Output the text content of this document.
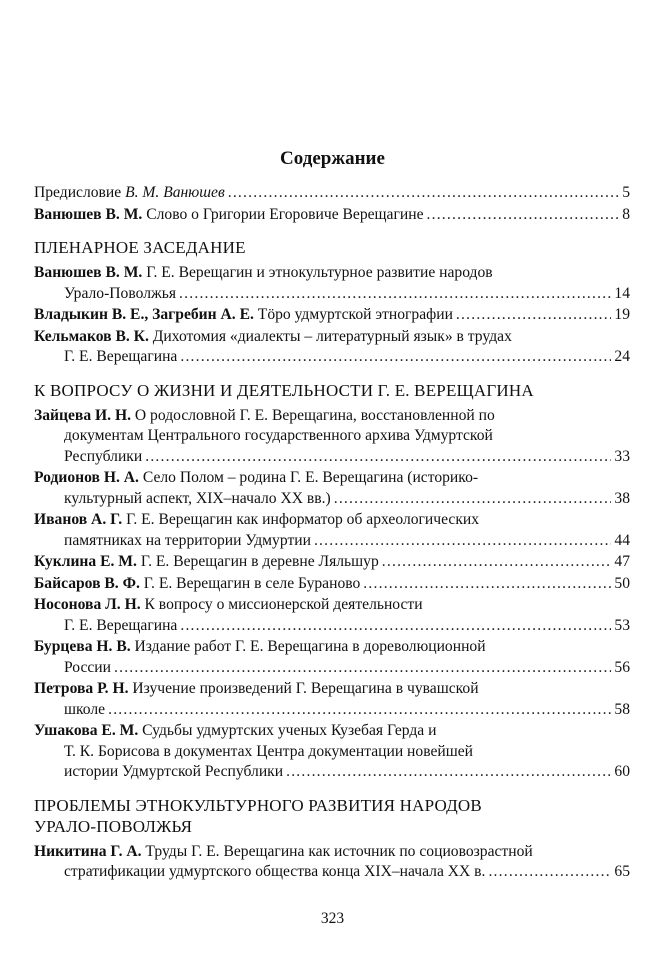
Содержание
Предисловие В. М. Ванюшев .....	5
Ванюшев В. М. Слово о Григории Егоровиче Верещагине .....	8
ПЛЕНАРНОЕ ЗАСЕДАНИЕ
Ванюшев В. М. Г. Е. Верещагин и этнокультурное развитие народов
Урало-Поволжья .....	14
Владыкин В. Е., Загребин А. Е. Тӧро удмуртской этнографии .....	19
Кельмаков В. К. Дихотомия «диалекты – литературный язык» в трудах
Г. Е. Верещагина .....	24
К ВОПРОСУ О ЖИЗНИ И ДЕЯТЕЛЬНОСТИ Г. Е. ВЕРЕЩАГИНА
Зайцева И. Н. О родословной Г. Е. Верещагина, восстановленной по
документам Центрального государственного архива Удмуртской
Республики .....	33
Родионов Н. А. Село Полом – родина Г. Е. Верещагина (историко-
культурный аспект, XIX–начало XX вв.) .....	38
Иванов А. Г. Г. Е. Верещагин как информатор об археологических
памятниках на территории Удмуртии .....	44
Куклина Е. М. Г. Е. Верещагин в деревне Ляльшур .....	47
Байсаров В. Ф. Г. Е. Верещагин в селе Бураново .....	50
Носонова Л. Н. К вопросу о миссионерской деятельности
Г. Е. Верещагина .....	53
Бурцева Н. В. Издание работ Г. Е. Верещагина в дореволюционной
России .....	56
Петрова Р. Н. Изучение произведений Г. Верещагина в чувашской
школе .....	58
Ушакова Е. М. Судьбы удмуртских ученых Кузебая Герда и
Т. К. Борисова в документах Центра документации новейшей
истории Удмуртской Республики .....	60
ПРОБЛЕМЫ ЭТНОКУЛЬТУРНОГО РАЗВИТИЯ НАРОДОВ
УРАЛО-ПОВОЛЖЬЯ
Никитина Г. А. Труды Г. Е. Верещагина как источник по социовозрастной
стратификации удмуртского общества конца XIX–начала XX в. .....	65
323
